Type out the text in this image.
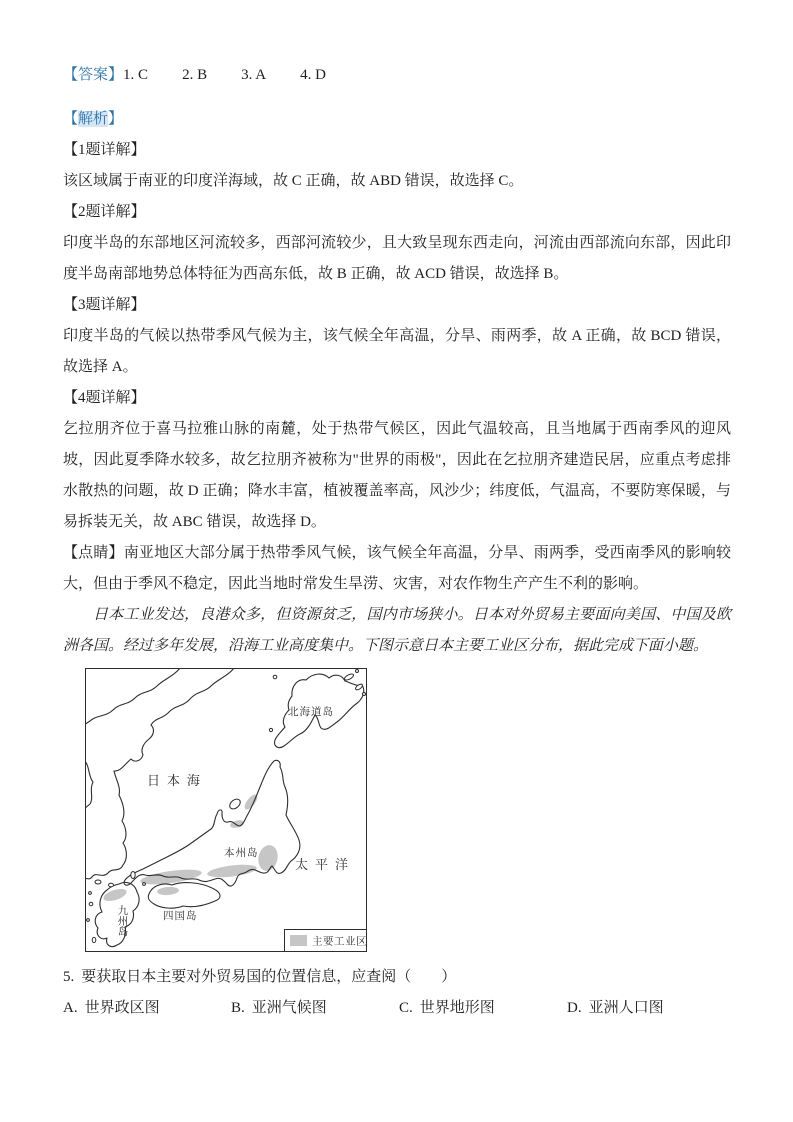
【答案】1. C 2. B 3. A 4. D
【解析】
【1题详解】
该区域属于南亚的印度洋海域，故 C 正确，故 ABD 错误，故选择 C。
【2题详解】
印度半岛的东部地区河流较多，西部河流较少，且大致呈现东西走向，河流由西部流向东部，因此印度半岛南部地势总体特征为西高东低，故 B 正确，故 ACD 错误，故选择 B。
【3题详解】
印度半岛的气候以热带季风气候为主，该气候全年高温，分旱、雨两季，故 A 正确，故 BCD 错误，故选择 A。
【4题详解】
乞拉朋齐位于喜马拉雅山脉的南麓，处于热带气候区，因此气温较高，且当地属于西南季风的迎风坡，因此夏季降水较多，故乞拉朋齐被称为"世界的雨极"，因此在乞拉朋齐建造民居，应重点考虑排水散热的问题，故 D 正确；降水丰富，植被覆盖率高，风沙少；纬度低，气温高，不要防寒保暖，与易拆装无关，故 ABC 错误，故选择 D。
【点睛】南亚地区大部分属于热带季风气候，该气候全年高温，分旱、雨两季，受西南季风的影响较大，但由于季风不稳定，因此当地时常发生旱涝、灾害，对农作物生产产生不利的影响。
日本工业发达，良港众多，但资源贫乏，国内市场狭小。日本对外贸易主要面向美国、中国及欧洲各国。经过多年发展，沿海工业高度集中。下图示意日本主要工业区分布，据此完成下面小题。
日本海
太平洋
北海道岛
本州岛
四国岛
九州岛
主要工业区
5. 要获取日本主要对外贸易国的位置信息，应查阅（　　）
A. 世界政区图	B. 亚洲气候图	C. 世界地形图	D. 亚洲人口图
